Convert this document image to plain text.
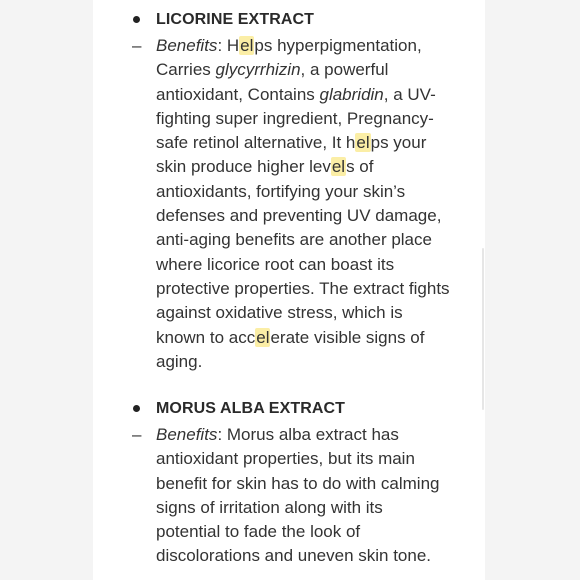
LICORINE EXTRACT
– Benefits: Helps hyperpigmentation,
Carries glycyrrhizin, a powerful
antioxidant, Contains glabridin, a UV-
fighting super ingredient, Pregnancy-
safe retinol alternative, It helps your
skin produce higher levels of
antioxidants, fortifying your skin’s
defenses and preventing UV damage,
anti-aging benefits are another place
where licorice root can boast its
protective properties. The extract fights
against oxidative stress, which is
known to accelerate visible signs of
aging.
MORUS ALBA EXTRACT
– Benefits: Morus alba extract has
antioxidant properties, but its main
benefit for skin has to do with calming
signs of irritation along with its
potential to fade the look of
discolorations and uneven skin tone.
